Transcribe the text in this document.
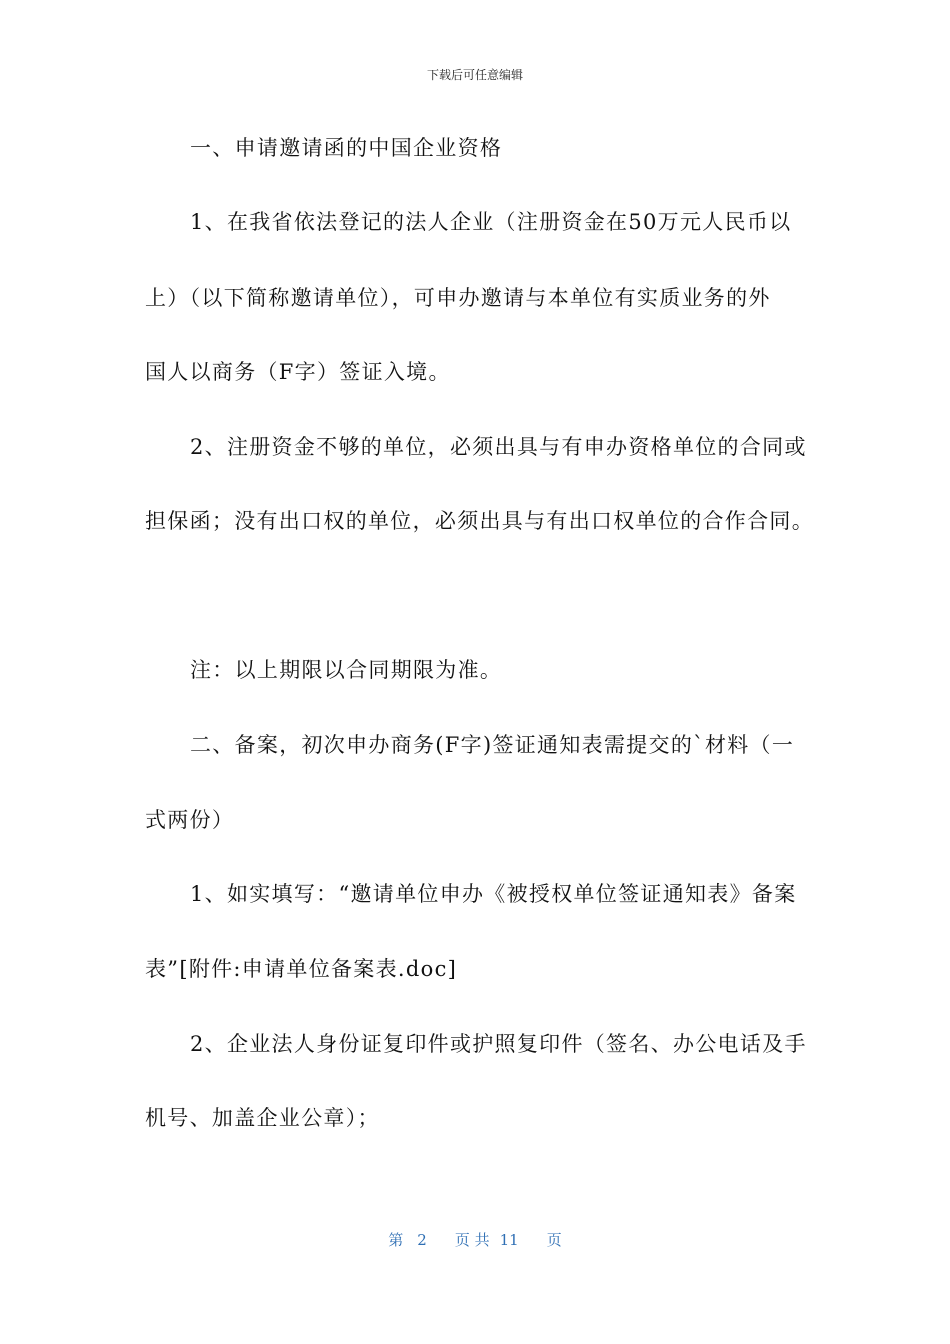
下载后可任意编辑
一、申请邀请函的中国企业资格
1、在我省依法登记的法人企业（注册资金在50万元人民币以
上）（以下简称邀请单位），可申办邀请与本单位有实质业务的外
国人以商务（F字）签证入境。
2、注册资金不够的单位，必须出具与有申办资格单位的合同或
担保函；没有出口权的单位，必须出具与有出口权单位的合作合同。
注：以上期限以合同期限为准。
二、备案，初次申办商务(F字)签证通知表需提交的`材料（一
式两份）
1、如实填写：“邀请单位申办《被授权单位签证通知表》备案
表”[附件:申请单位备案表.doc]
2、企业法人身份证复印件或护照复印件（签名、办公电话及手
机号、加盖企业公章）；
第 2 页 共 11 页
